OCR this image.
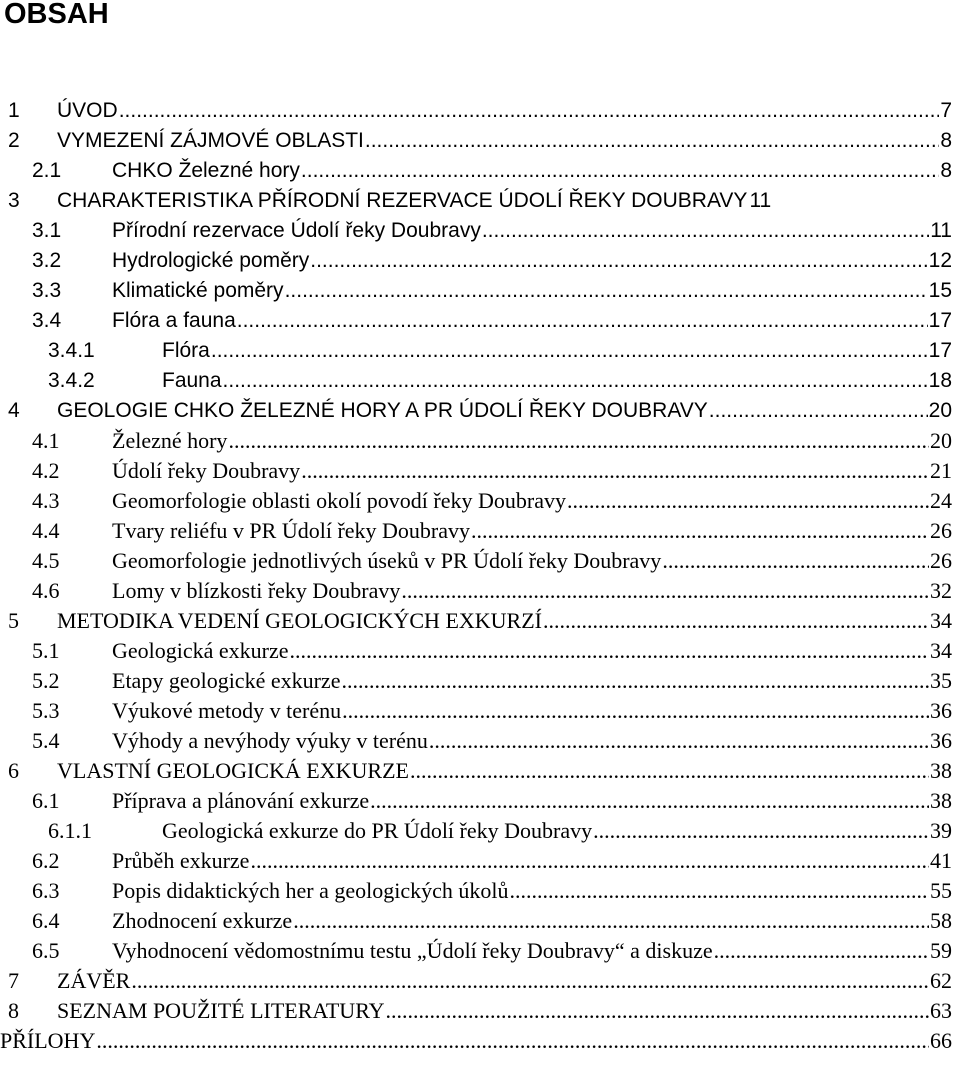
OBSAH
1 ÚVOD .....	7
2 VYMEZENÍ ZÁJMOVÉ OBLASTI .....	8
2.1 CHKO Železné hory .....	8
3 CHARAKTERISTIKA PŘÍRODNÍ REZERVACE ÚDOLÍ ŘEKY DOUBRAVY 11
3.1 Přírodní rezervace Údolí řeky Doubravy .....	11
3.2 Hydrologické poměry .....	12
3.3 Klimatické poměry .....	15
3.4 Flóra a fauna .....	17
3.4.1	Flóra .....	17
3.4.2	Fauna .....	18
4 GEOLOGIE CHKO ŽELEZNÉ HORY A PR ÚDOLÍ ŘEKY DOUBRAVY .....	20
4.1 Železné hory .....	20
4.2 Údolí řeky Doubravy .....	21
4.3 Geomorfologie oblasti okolí povodí řeky Doubravy .....	24
4.4 Tvary reliéfu v PR Údolí řeky Doubravy .....	26
4.5 Geomorfologie jednotlivých úseků v PR Údolí řeky Doubravy .....	26
4.6 Lomy v blízkosti řeky Doubravy .....	32
5 METODIKA VEDENÍ GEOLOGICKÝCH EXKURZÍ .....	34
5.1 Geologická exkurze .....	34
5.2 Etapy geologické exkurze .....	35
5.3 Výukové metody v terénu .....	36
5.4 Výhody a nevýhody výuky v terénu .....	36
6 VLASTNÍ GEOLOGICKÁ EXKURZE .....	38
6.1 Příprava a plánování exkurze .....	38
6.1.1	Geologická exkurze do PR Údolí řeky Doubravy .....	39
6.2 Průběh exkurze .....	41
6.3 Popis didaktických her a geologických úkolů .....	55
6.4 Zhodnocení exkurze .....	58
6.5 Vyhodnocení vědomostnímu testu „Údolí řeky Doubravy“ a diskuze .....	59
7 ZÁVĚR .....	62
8 SEZNAM POUŽITÉ LITERATURY .....	63
PŘÍLOHY .....	66
